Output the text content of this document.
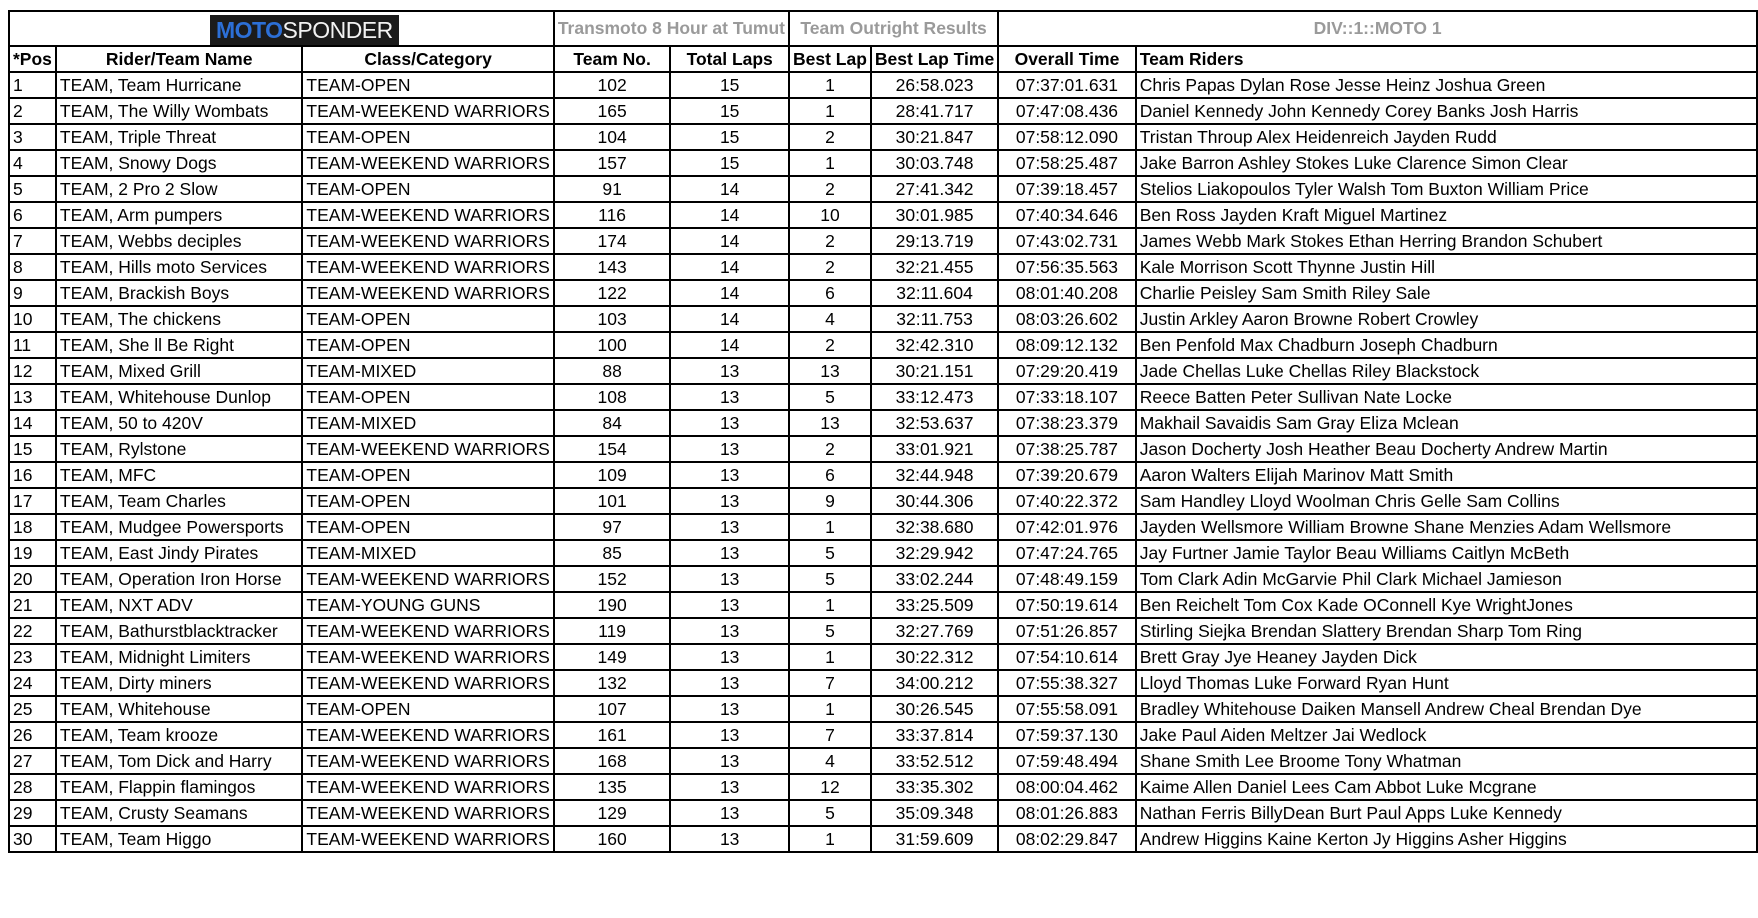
	MOTOSPONDER		Transmoto 8 Hour at Tumut		Team Outright Results		DIV::1::MOTO 1	
*Pos	Rider/Team Name	Class/Category	Team No.	Total Laps	Best Lap	Best Lap Time	Overall Time	Team Riders
1	TEAM, Team Hurricane	TEAM-OPEN	102	15	1	26:58.023	07:37:01.631	Chris Papas Dylan Rose Jesse Heinz Joshua Green
2	TEAM, The Willy Wombats	TEAM-WEEKEND WARRIORS	165	15	1	28:41.717	07:47:08.436	Daniel Kennedy John Kennedy Corey Banks Josh Harris
3	TEAM, Triple Threat	TEAM-OPEN	104	15	2	30:21.847	07:58:12.090	Tristan Throup Alex Heidenreich Jayden Rudd
4	TEAM, Snowy Dogs	TEAM-WEEKEND WARRIORS	157	15	1	30:03.748	07:58:25.487	Jake Barron Ashley Stokes Luke Clarence Simon Clear
5	TEAM, 2 Pro 2 Slow	TEAM-OPEN	91	14	2	27:41.342	07:39:18.457	Stelios Liakopoulos Tyler Walsh Tom Buxton William Price
6	TEAM, Arm pumpers	TEAM-WEEKEND WARRIORS	116	14	10	30:01.985	07:40:34.646	Ben Ross Jayden Kraft Miguel Martinez
7	TEAM, Webbs deciples	TEAM-WEEKEND WARRIORS	174	14	2	29:13.719	07:43:02.731	James Webb Mark Stokes Ethan Herring Brandon Schubert
8	TEAM, Hills moto Services	TEAM-WEEKEND WARRIORS	143	14	2	32:21.455	07:56:35.563	Kale Morrison Scott Thynne Justin Hill
9	TEAM, Brackish Boys	TEAM-WEEKEND WARRIORS	122	14	6	32:11.604	08:01:40.208	Charlie Peisley Sam Smith Riley Sale
10	TEAM, The chickens	TEAM-OPEN	103	14	4	32:11.753	08:03:26.602	Justin Arkley Aaron Browne Robert Crowley
11	TEAM, She ll Be Right	TEAM-OPEN	100	14	2	32:42.310	08:09:12.132	Ben Penfold Max Chadburn Joseph Chadburn
12	TEAM, Mixed Grill	TEAM-MIXED	88	13	13	30:21.151	07:29:20.419	Jade Chellas Luke Chellas Riley Blackstock
13	TEAM, Whitehouse Dunlop	TEAM-OPEN	108	13	5	33:12.473	07:33:18.107	Reece Batten Peter Sullivan Nate Locke
14	TEAM, 50 to 420V	TEAM-MIXED	84	13	13	32:53.637	07:38:23.379	Makhail Savaidis Sam Gray Eliza Mclean
15	TEAM, Rylstone	TEAM-WEEKEND WARRIORS	154	13	2	33:01.921	07:38:25.787	Jason Docherty Josh Heather Beau Docherty Andrew Martin
16	TEAM, MFC	TEAM-OPEN	109	13	6	32:44.948	07:39:20.679	Aaron Walters Elijah Marinov Matt Smith
17	TEAM, Team Charles	TEAM-OPEN	101	13	9	30:44.306	07:40:22.372	Sam Handley Lloyd Woolman Chris Gelle Sam Collins
18	TEAM, Mudgee Powersports	TEAM-OPEN	97	13	1	32:38.680	07:42:01.976	Jayden Wellsmore William Browne Shane Menzies Adam Wellsmore
19	TEAM, East Jindy Pirates	TEAM-MIXED	85	13	5	32:29.942	07:47:24.765	Jay Furtner Jamie Taylor Beau Williams Caitlyn McBeth
20	TEAM, Operation Iron Horse	TEAM-WEEKEND WARRIORS	152	13	5	33:02.244	07:48:49.159	Tom Clark Adin McGarvie Phil Clark Michael Jamieson
21	TEAM, NXT ADV	TEAM-YOUNG GUNS	190	13	1	33:25.509	07:50:19.614	Ben Reichelt Tom Cox Kade OConnell Kye WrightJones
22	TEAM, Bathurstblacktracker	TEAM-WEEKEND WARRIORS	119	13	5	32:27.769	07:51:26.857	Stirling Siejka Brendan Slattery Brendan Sharp Tom Ring
23	TEAM, Midnight Limiters	TEAM-WEEKEND WARRIORS	149	13	1	30:22.312	07:54:10.614	Brett Gray Jye Heaney Jayden Dick
24	TEAM, Dirty miners	TEAM-WEEKEND WARRIORS	132	13	7	34:00.212	07:55:38.327	Lloyd Thomas Luke Forward Ryan Hunt
25	TEAM, Whitehouse	TEAM-OPEN	107	13	1	30:26.545	07:55:58.091	Bradley Whitehouse Daiken Mansell Andrew Cheal Brendan Dye
26	TEAM, Team krooze	TEAM-WEEKEND WARRIORS	161	13	7	33:37.814	07:59:37.130	Jake Paul Aiden Meltzer Jai Wedlock
27	TEAM, Tom Dick and Harry	TEAM-WEEKEND WARRIORS	168	13	4	33:52.512	07:59:48.494	Shane Smith Lee Broome Tony Whatman
28	TEAM, Flappin flamingos	TEAM-WEEKEND WARRIORS	135	13	12	33:35.302	08:00:04.462	Kaime Allen Daniel Lees Cam Abbot Luke Mcgrane
29	TEAM, Crusty Seamans	TEAM-WEEKEND WARRIORS	129	13	5	35:09.348	08:01:26.883	Nathan Ferris BillyDean Burt Paul Apps Luke Kennedy
30	TEAM, Team Higgo	TEAM-WEEKEND WARRIORS	160	13	1	31:59.609	08:02:29.847	Andrew Higgins Kaine Kerton Jy Higgins Asher Higgins
